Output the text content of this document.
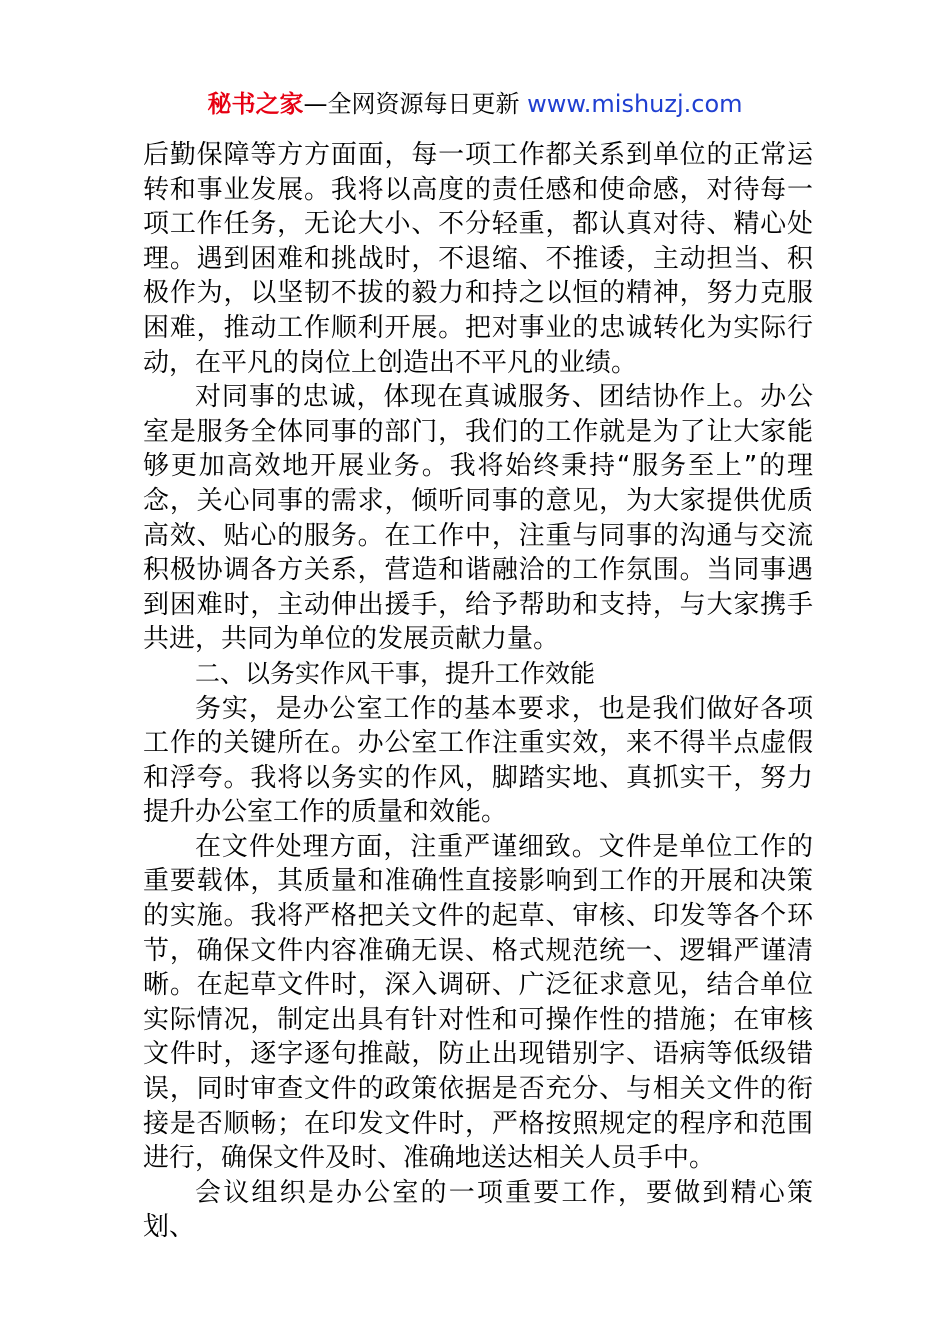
秘书之家—全网资源每日更新 www.mishuzj.com

后勤保障等方方面面，每一项工作都关系到单位的正常运转和事业发展。我将以高度的责任感和使命感，对待每一项工作任务，无论大小、不分轻重，都认真对待、精心处理。遇到困难和挑战时，不退缩、不推诿，主动担当、积极作为，以坚韧不拔的毅力和持之以恒的精神，努力克服困难，推动工作顺利开展。把对事业的忠诚转化为实际行动，在平凡的岗位上创造出不平凡的业绩。

对同事的忠诚，体现在真诚服务、团结协作上。办公室是服务全体同事的部门，我们的工作就是为了让大家能够更加高效地开展业务。我将始终秉持“服务至上”的理念，关心同事的需求，倾听同事的意见，为大家提供优质高效、贴心的服务。在工作中，注重与同事的沟通与交流积极协调各方关系，营造和谐融洽的工作氛围。当同事遇到困难时，主动伸出援手，给予帮助和支持，与大家携手共进，共同为单位的发展贡献力量。

二、以务实作风干事，提升工作效能

务实，是办公室工作的基本要求，也是我们做好各项工作的关键所在。办公室工作注重实效，来不得半点虚假和浮夸。我将以务实的作风，脚踏实地、真抓实干，努力提升办公室工作的质量和效能。

在文件处理方面，注重严谨细致。文件是单位工作的重要载体，其质量和准确性直接影响到工作的开展和决策的实施。我将严格把关文件的起草、审核、印发等各个环节，确保文件内容准确无误、格式规范统一、逻辑严谨清晰。在起草文件时，深入调研、广泛征求意见，结合单位实际情况，制定出具有针对性和可操作性的措施；在审核文件时，逐字逐句推敲，防止出现错别字、语病等低级错误，同时审查文件的政策依据是否充分、与相关文件的衔接是否顺畅；在印发文件时，严格按照规定的程序和范围进行，确保文件及时、准确地送达相关人员手中。

会议组织是办公室的一项重要工作，要做到精心策划、
